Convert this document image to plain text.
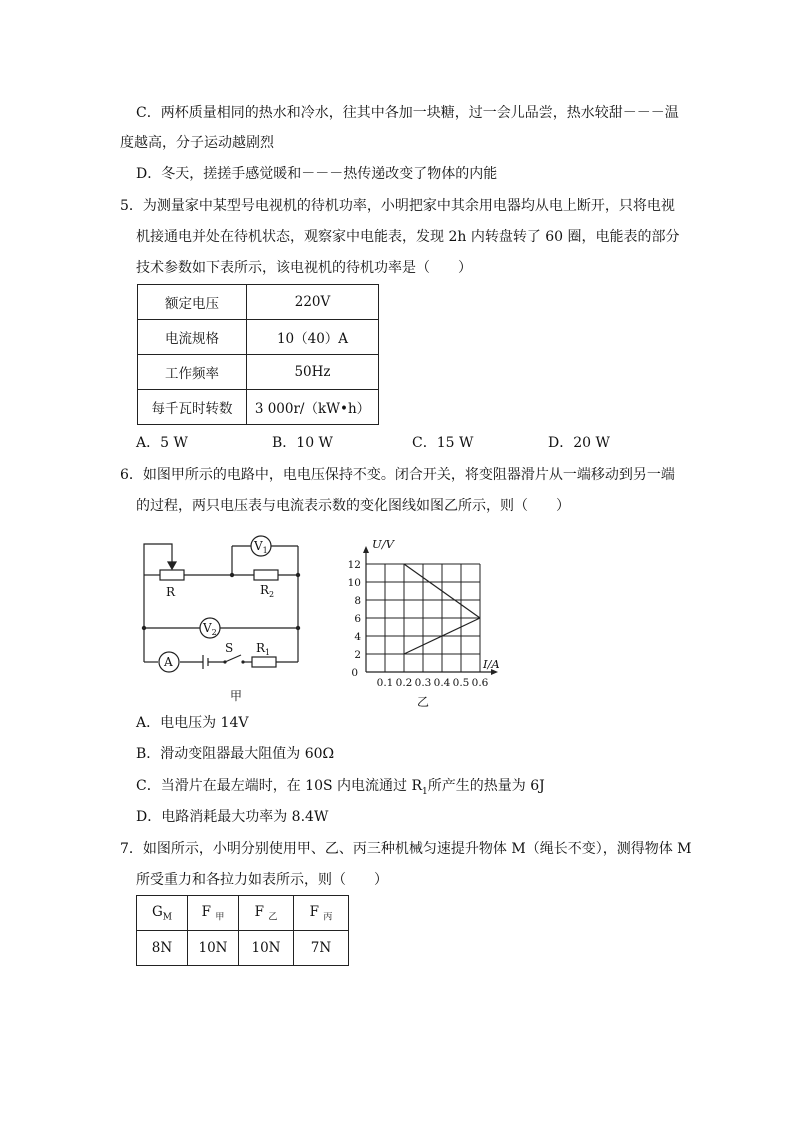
C．两杯质量相同的热水和冷水，往其中各加一块糖，过一会儿品尝，热水较甜－－－温
度越高，分子运动越剧烈
D．冬天，搓搓手感觉暖和－－－热传递改变了物体的内能
5．为测量家中某型号电视机的待机功率，小明把家中其余用电器均从电上断开，只将电视
机接通电并处在待机状态，观察家中电能表，发现 2h 内转盘转了 60 圈，电能表的部分
技术参数如下表所示，该电视机的待机功率是（　　）
额定电压	220V
电流规格	10（40）A
工作频率	50Hz
每千瓦时转数	3 000r/（kW•h）
A．5 W	B．10 W	C．15 W	D．20 W
6．如图甲所示的电路中，电电压保持不变。闭合开关，将变阻器滑片从一端移动到另一端
的过程，两只电压表与电流表示数的变化图线如图乙所示，则（　　）
R	$R_2$
$V_1$
$V_2$
A
S $R_1$
甲
0.1 0.2 0.3 0.4 0.5 0.6
2
4
6
8
10
12
0
U/V
I/A
乙
A．电电压为 14V
B．滑动变阻器最大阻值为 60Ω
C．当滑片在最左端时，在 10S 内电流通过 $R_1$所产生的热量为 6J
D．电路消耗最大功率为 8.4W
7．如图所示，小明分别使用甲、乙、丙三种机械匀速提升物体 M（绳长不变），测得物体 M
所受重力和各拉力如表所示，则（　　）
$G_M$	F $_甲$	F $_乙$	F $_丙$
8N	10N	10N	7N
